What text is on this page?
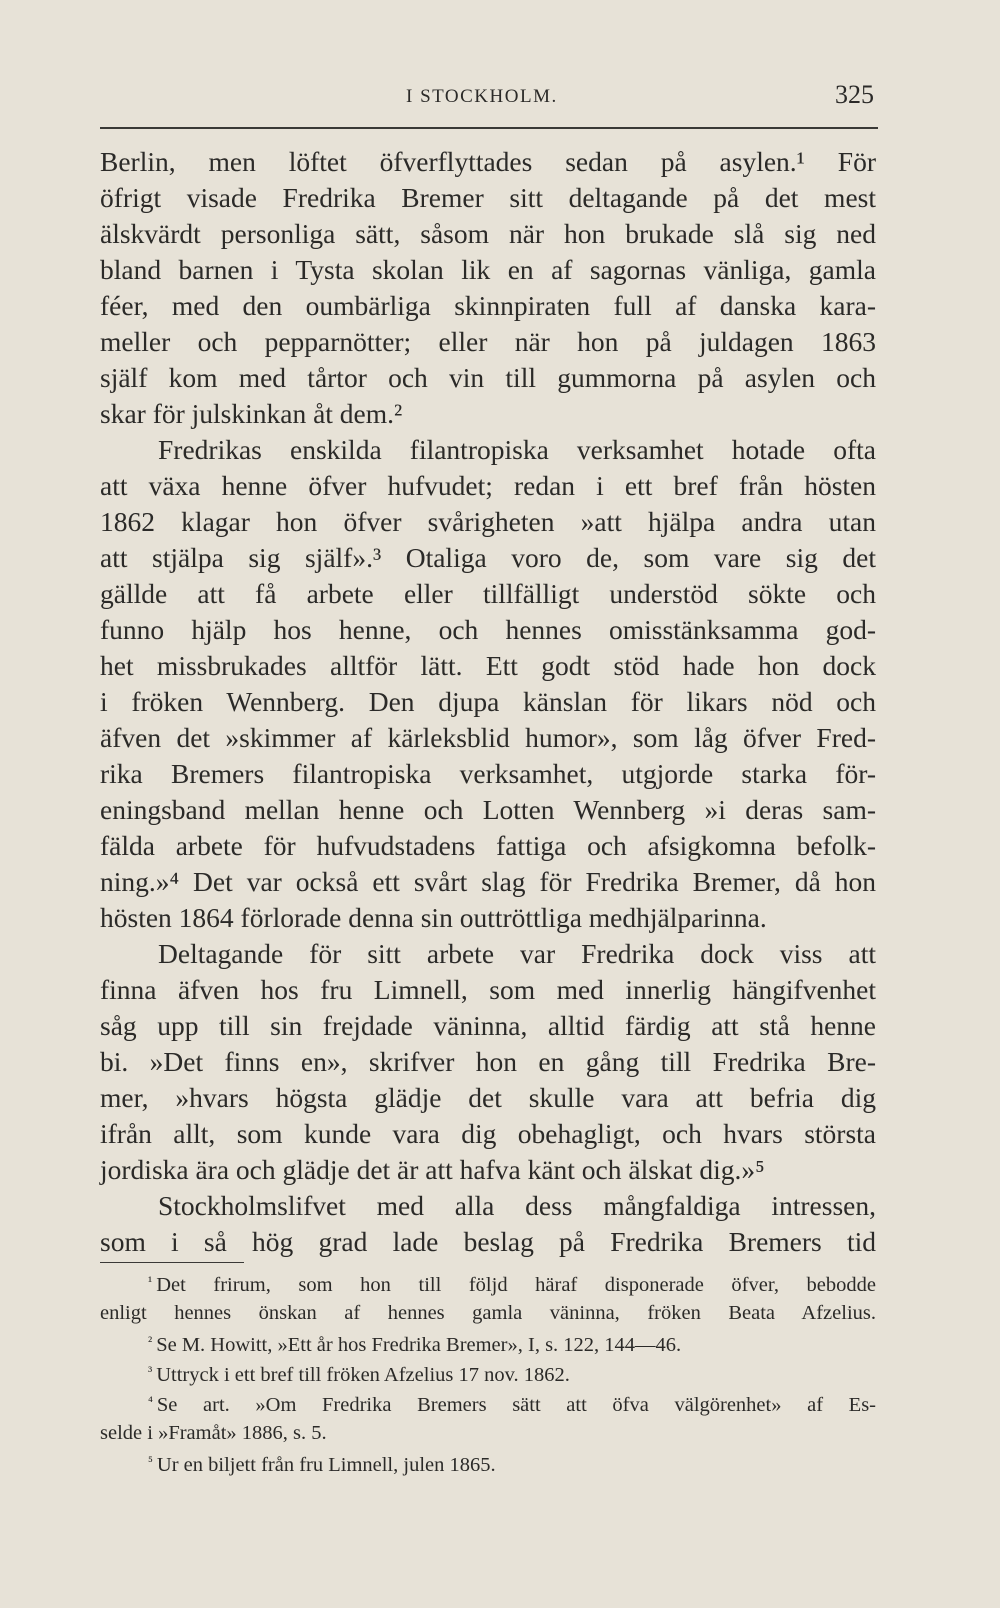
I STOCKHOLM.	325
Berlin, men löftet öfverflyttades sedan på asylen.¹ För
öfrigt visade Fredrika Bremer sitt deltagande på det mest
älskvärdt personliga sätt, såsom när hon brukade slå sig ned
bland barnen i Tysta skolan lik en af sagornas vänliga, gamla
féer, med den oumbärliga skinnpiraten full af danska kara-
meller och pepparnötter; eller när hon på juldagen 1863
själf kom med tårtor och vin till gummorna på asylen och
skar för julskinkan åt dem.²
Fredrikas enskilda filantropiska verksamhet hotade ofta
att växa henne öfver hufvudet; redan i ett bref från hösten
1862 klagar hon öfver svårigheten »att hjälpa andra utan
att stjälpa sig själf».³ Otaliga voro de, som vare sig det
gällde att få arbete eller tillfälligt understöd sökte och
funno hjälp hos henne, och hennes omisstänksamma god-
het missbrukades alltför lätt. Ett godt stöd hade hon dock
i fröken Wennberg. Den djupa känslan för likars nöd och
äfven det »skimmer af kärleksblid humor», som låg öfver Fred-
rika Bremers filantropiska verksamhet, utgjorde starka för-
eningsband mellan henne och Lotten Wennberg »i deras sam-
fälda arbete för hufvudstadens fattiga och afsigkomna befolk-
ning.»⁴ Det var också ett svårt slag för Fredrika Bremer, då hon
hösten 1864 förlorade denna sin outtröttliga medhjälparinna.
Deltagande för sitt arbete var Fredrika dock viss att
finna äfven hos fru Limnell, som med innerlig hängifvenhet
såg upp till sin frejdade väninna, alltid färdig att stå henne
bi. »Det finns en», skrifver hon en gång till Fredrika Bre-
mer, »hvars högsta glädje det skulle vara att befria dig
ifrån allt, som kunde vara dig obehagligt, och hvars största
jordiska ära och glädje det är att hafva känt och älskat dig.»⁵
Stockholmslifvet med alla dess mångfaldiga intressen,
som i så hög grad lade beslag på Fredrika Bremers tid
$^{^1}$ Det frirum, som hon till följd häraf disponerade öfver, bebodde
enligt hennes önskan af hennes gamla väninna, fröken Beata Afzelius.
$^{^2}$ Se M. Howitt, »Ett år hos Fredrika Bremer», I, s. 122, 144—46.
$^{^3}$ Uttryck i ett bref till fröken Afzelius 17 nov. 1862.
$^{^4}$ Se art. »Om Fredrika Bremers sätt att öfva välgörenhet» af Es-
selde i »Framåt» 1886, s. 5.
$^{^5}$ Ur en biljett från fru Limnell, julen 1865.
